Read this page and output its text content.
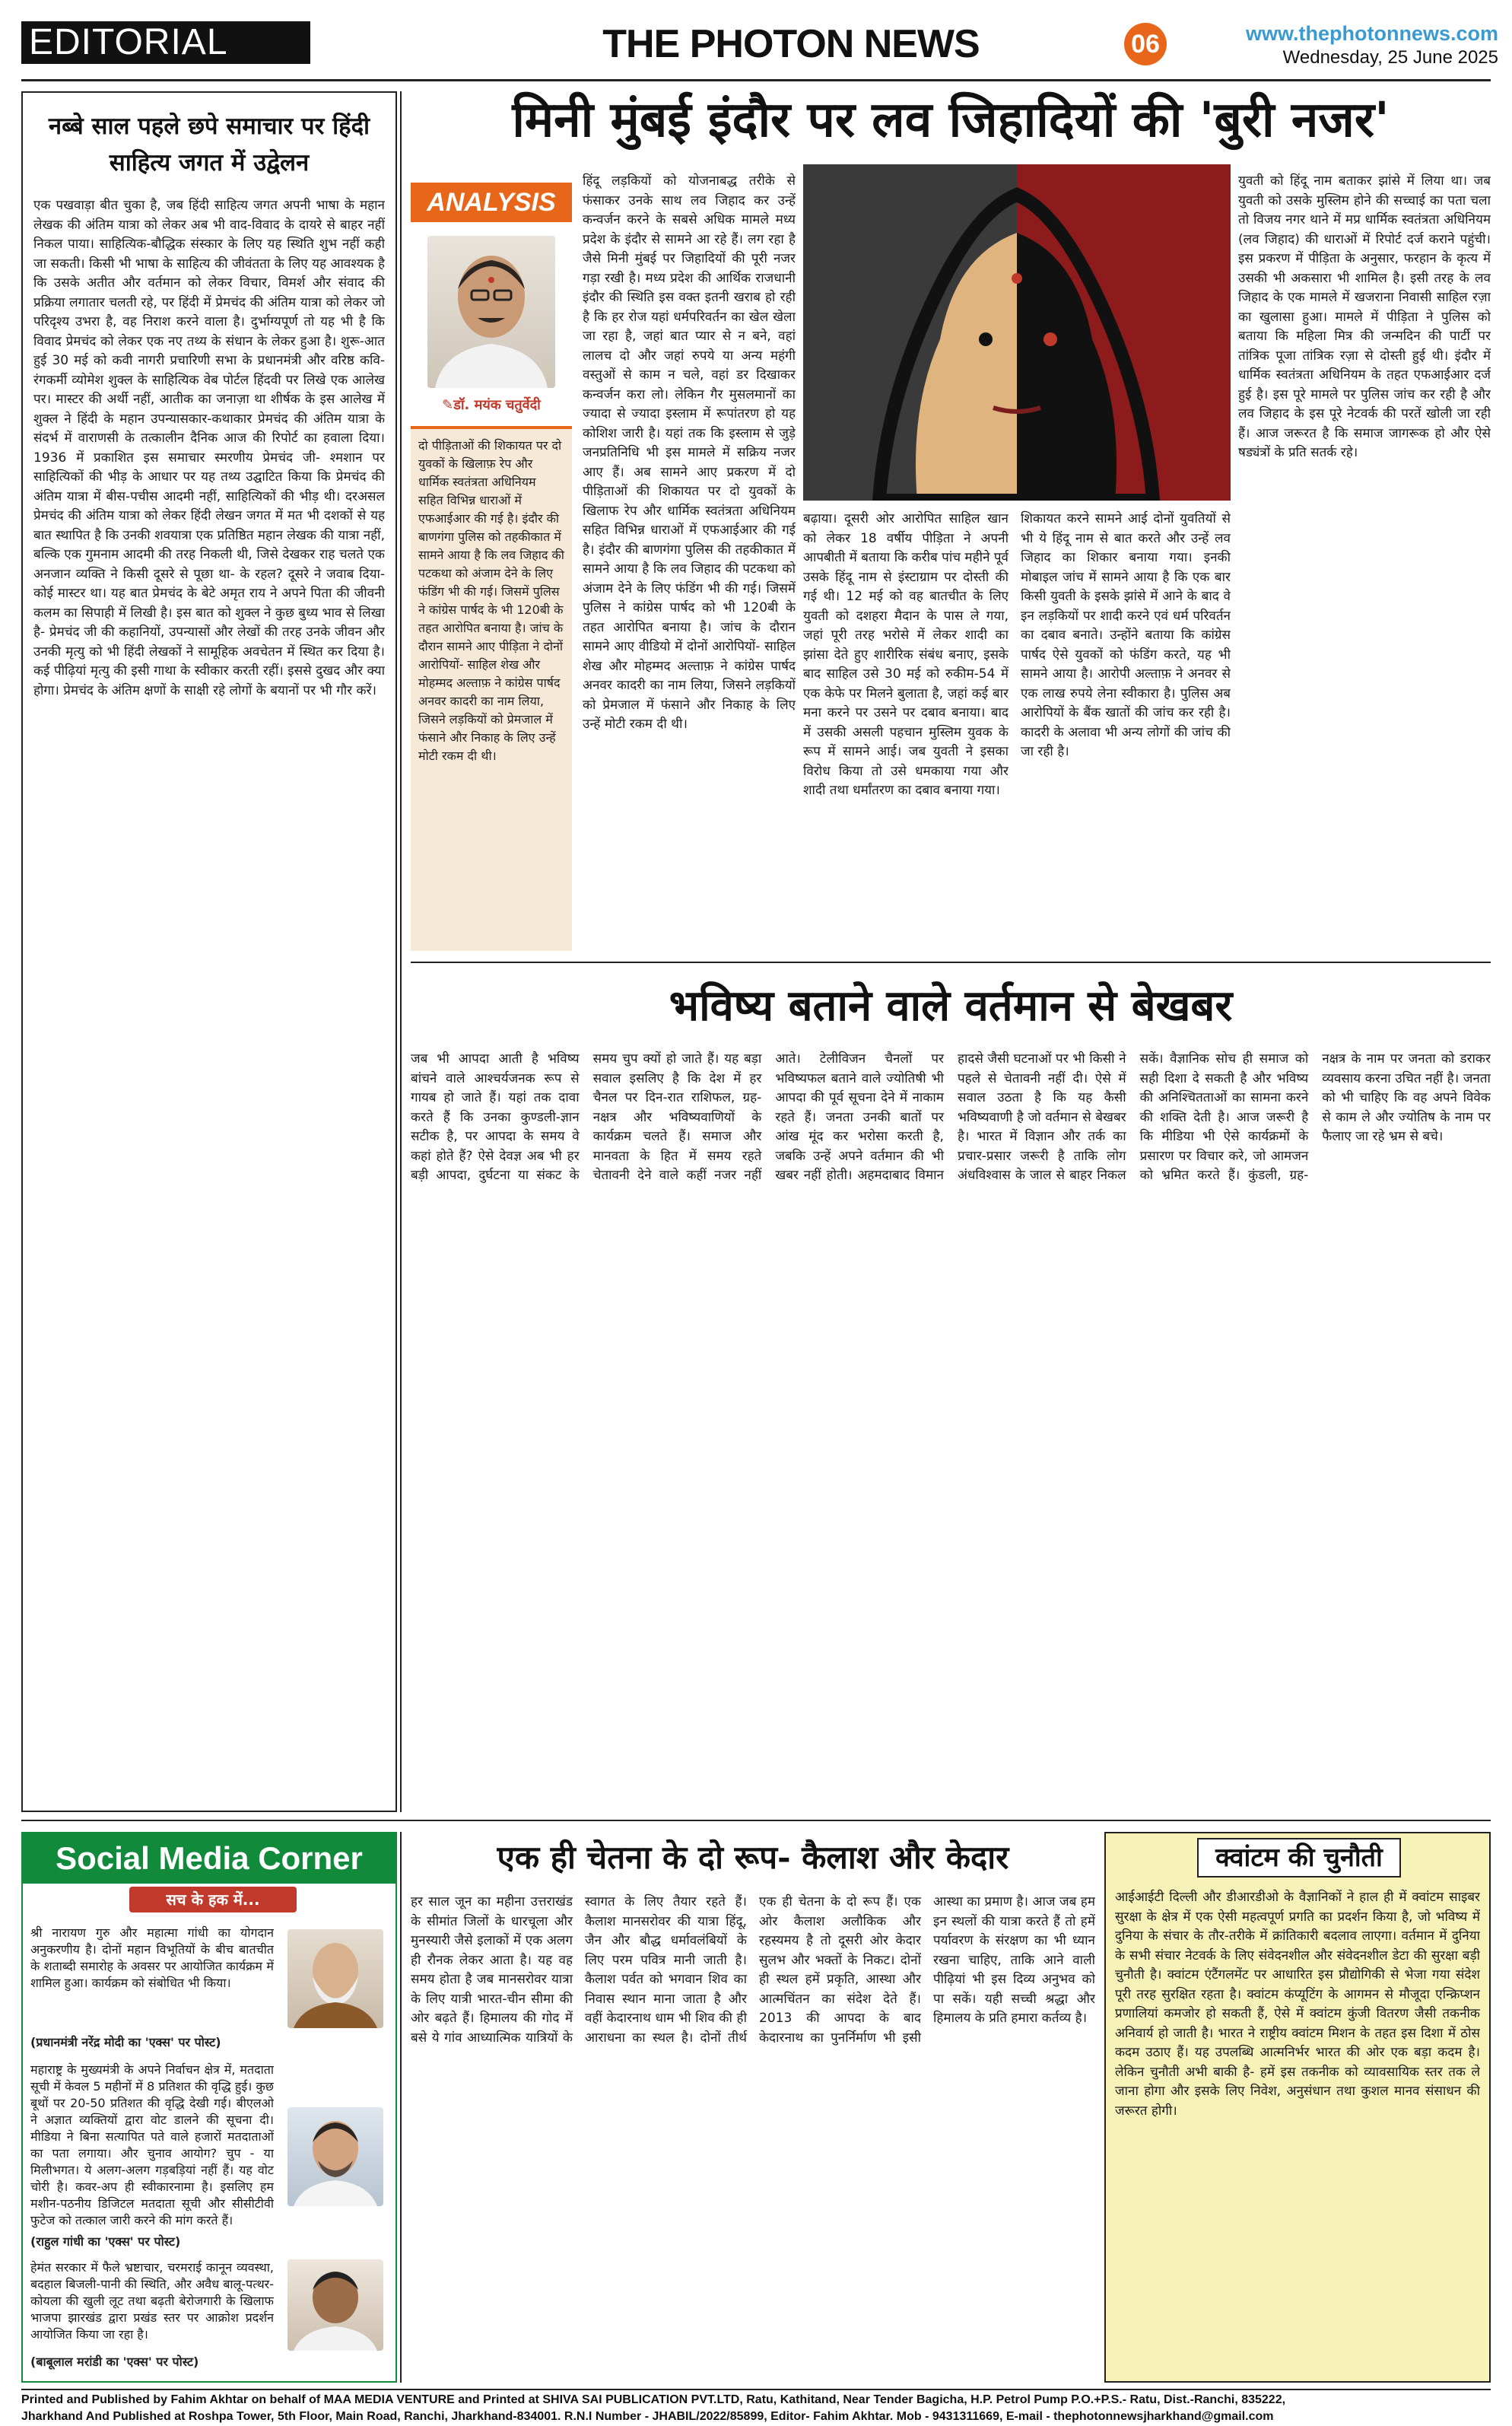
EDITORIAL	THE PHOTON NEWS	06	www.thephotonnews.com
Wednesday, 25 June 2025
नब्बे साल पहले छपे समाचार पर हिंदी साहित्य जगत में उद्वेलन
एक पखवाड़ा बीत चुका है, जब हिंदी साहित्य जगत अपनी भाषा के महान लेखक की अंतिम यात्रा को लेकर अब भी वाद-विवाद के दायरे से बाहर नहीं निकल पाया। साहित्यिक-बौद्धिक संस्कार के लिए यह स्थिति शुभ नहीं कही जा सकती। किसी भी भाषा के साहित्य की जीवंतता के लिए यह आवश्यक है कि उसके अतीत और वर्तमान को लेकर विचार, विमर्श और संवाद की प्रक्रिया लगातार चलती रहे, पर हिंदी में प्रेमचंद की अंतिम यात्रा को लेकर जो परिदृश्य उभरा है, वह निराश करने वाला है। दुर्भाग्यपूर्ण तो यह भी है कि विवाद प्रेमचंद को लेकर एक नए तथ्य के संधान के लेकर हुआ है। शुरू-आत हुई 30 मई को कवी नागरी प्रचारिणी सभा के प्रधानमंत्री और वरिष्ठ कवि-रंगकर्मी व्योमेश शुक्ल के साहित्यिक वेब पोर्टल हिंदवी पर लिखे एक आलेख पर। मास्टर की अर्थी नहीं, आतीक का जनाज़ा था शीर्षक के इस आलेख में शुक्ल ने हिंदी के महान उपन्यासकार-कथाकार प्रेमचंद की अंतिम यात्रा के संदर्भ में वाराणसी के तत्कालीन दैनिक आज की रिपोर्ट का हवाला दिया। 1936 में प्रकाशित इस समाचार स्मरणीय प्रेमचंद जी- श्मशान पर साहित्यिकों की भीड़ के आधार पर यह तथ्य उद्घाटित किया कि प्रेमचंद की अंतिम यात्रा में बीस-पचीस आदमी नहीं, साहित्यिकों की भीड़ थी। दरअसल प्रेमचंद की अंतिम यात्रा को लेकर हिंदी लेखन जगत में मत भी दशकों से यह बात स्थापित है कि उनकी शवयात्रा एक प्रतिष्ठित महान लेखक की यात्रा नहीं, बल्कि एक गुमनाम आदमी की तरह निकली थी, जिसे देखकर राह चलते एक अनजान व्यक्ति ने किसी दूसरे से पूछा था- के रहल? दूसरे ने जवाब दिया- कोई मास्टर था। यह बात प्रेमचंद के बेटे अमृत राय ने अपने पिता की जीवनी कलम का सिपाही में लिखी है। इस बात को शुक्ल ने कुछ बुध्य भाव से लिखा है- प्रेमचंद जी की कहानियों, उपन्यासों और लेखों की तरह उनके जीवन और उनकी मृत्यु को भी हिंदी लेखकों ने सामूहिक अवचेतन में स्थित कर दिया है। कई पीढ़ियां मृत्यु की इसी गाथा के स्वीकार करती रहीं। इससे दुखद और क्या होगा। प्रेमचंद के अंतिम क्षणों के साक्षी रहे लोगों के बयानों पर भी गौर करें।
मिनी मुंबई इंदौर पर लव जिहादियों की 'बुरी नजर'
ANALYSIS
✎डॉ. मयंक चतुर्वेदी
दो पीड़िताओं की शिकायत पर दो युवकों के खिलाफ़ रेप और धार्मिक स्वतंत्रता अधिनियम सहित विभिन्न धाराओं में एफआईआर की गई है। इंदौर की बाणगंगा पुलिस को तहकीकात में सामने आया है कि लव जिहाद की पटकथा को अंजाम देने के लिए फंडिंग भी की गई। जिसमें पुलिस ने कांग्रेस पार्षद के भी 120बी के तहत आरोपित बनाया है। जांच के दौरान सामने आए पीड़िता ने दोनों आरोपियों- साहिल शेख और मोहम्मद अल्ताफ़ ने कांग्रेस पार्षद अनवर कादरी का नाम लिया, जिसने लड़कियों को प्रेमजाल में फंसाने और निकाह के लिए उन्हें मोटी रकम दी थी।
हिंदू लड़कियों को योजनाबद्ध तरीके से फंसाकर उनके साथ लव जिहाद कर उन्हें कन्वर्जन करने के सबसे अधिक मामले मध्य प्रदेश के इंदौर से सामने आ रहे हैं। लग रहा है जैसे मिनी मुंबई पर जिहादियों की पूरी नजर गड़ा रखी है। मध्य प्रदेश की आर्थिक राजधानी इंदौर की स्थिति इस वक्त इतनी खराब हो रही है कि हर रोज यहां धर्मपरिवर्तन का खेल खेला जा रहा है, जहां बात प्यार से न बने, वहां लालच दो और जहां रुपये या अन्य महंगी वस्तुओं से काम न चले, वहां डर दिखाकर कन्वर्जन करा लो। लेकिन गैर मुसलमानों का ज्यादा से ज्यादा इस्लाम में रूपांतरण हो यह कोशिश जारी है। यहां तक कि इस्लाम से जुड़े जनप्रतिनिधि भी इस मामले में सक्रिय नजर आए हैं। अब सामने आए प्रकरण में दो पीड़िताओं की शिकायत पर दो युवकों के खिलाफ रेप और धार्मिक स्वतंत्रता अधिनियम सहित विभिन्न धाराओं में एफआईआर की गई है। इंदौर की बाणगंगा पुलिस की तहकीकात में सामने आया है कि लव जिहाद की पटकथा को अंजाम देने के लिए फंडिंग भी की गई। जिसमें पुलिस ने कांग्रेस पार्षद को भी 120बी के तहत आरोपित बनाया है। जांच के दौरान सामने आए वीडियो में दोनों आरोपियों- साहिल शेख और मोहम्मद अल्ताफ़ ने कांग्रेस पार्षद अनवर कादरी का नाम लिया, जिसने लड़कियों को प्रेमजाल में फंसाने और निकाह के लिए उन्हें मोटी रकम दी थी।
बढ़ाया। दूसरी ओर आरोपित साहिल खान को लेकर 18 वर्षीय पीड़िता ने अपनी आपबीती में बताया कि करीब पांच महीने पूर्व उसके हिंदू नाम से इंस्टाग्राम पर दोस्ती की गई थी। 12 मई को वह बातचीत के लिए युवती को दशहरा मैदान के पास ले गया, जहां पूरी तरह भरोसे में लेकर शादी का झांसा देते हुए शारीरिक संबंध बनाए, इसके बाद साहिल उसे 30 मई को रुकीम-54 में एक केफे पर मिलने बुलाता है, जहां कई बार मना करने पर उसने पर दबाव बनाया। बाद में उसकी असली पहचान मुस्लिम युवक के रूप में सामने आई। जब युवती ने इसका विरोध किया तो उसे धमकाया गया और शादी तथा धर्मांतरण का दबाव बनाया गया।
शिकायत करने सामने आई दोनों युवतियों से भी ये हिंदू नाम से बात करते और उन्हें लव जिहाद का शिकार बनाया गया। इनकी मोबाइल जांच में सामने आया है कि एक बार किसी युवती के इसके झांसे में आने के बाद वे इन लड़कियों पर शादी करने एवं धर्म परिवर्तन का दबाव बनाते। उन्होंने बताया कि कांग्रेस पार्षद ऐसे युवकों को फंडिंग करते, यह भी सामने आया है। आरोपी अल्ताफ़ ने अनवर से एक लाख रुपये लेना स्वीकारा है। पुलिस अब आरोपियों के बैंक खातों की जांच कर रही है। कादरी के अलावा भी अन्य लोगों की जांच की जा रही है।
युवती को हिंदू नाम बताकर झांसे में लिया था। जब युवती को उसके मुस्लिम होने की सच्चाई का पता चला तो विजय नगर थाने में मप्र धार्मिक स्वतंत्रता अधिनियम (लव जिहाद) की धाराओं में रिपोर्ट दर्ज कराने पहुंची। इस प्रकरण में पीड़िता के अनुसार, फरहान के कृत्य में उसकी भी अकसारा भी शामिल है। इसी तरह के लव जिहाद के एक मामले में खजराना निवासी साहिल रज़ा का खुलासा हुआ। मामले में पीड़िता ने पुलिस को बताया कि महिला मित्र की जन्मदिन की पार्टी पर तांत्रिक पूजा तांत्रिक रज़ा से दोस्ती हुई थी। इंदौर में धार्मिक स्वतंत्रता अधिनियम के तहत एफआईआर दर्ज हुई है। इस पूरे मामले पर पुलिस जांच कर रही है और लव जिहाद के इस पूरे नेटवर्क की परतें खोली जा रही हैं। आज जरूरत है कि समाज जागरूक हो और ऐसे षड्यंत्रों के प्रति सतर्क रहे।
भविष्य बताने वाले वर्तमान से बेखबर
जब भी आपदा आती है भविष्य बांचने वाले आश्चर्यजनक रूप से गायब हो जाते हैं। यहां तक दावा करते हैं कि उनका कुण्डली-ज्ञान सटीक है, पर आपदा के समय वे कहां होते हैं? ऐसे देवज्ञ अब भी हर बड़ी आपदा, दुर्घटना या संकट के समय चुप क्यों हो जाते हैं। यह बड़ा सवाल इसलिए है कि देश में हर चैनल पर दिन-रात राशिफल, ग्रह-नक्षत्र और भविष्यवाणियों के कार्यक्रम चलते हैं। समाज और मानवता के हित में समय रहते चेतावनी देने वाले कहीं नजर नहीं आते। टेलीविजन चैनलों पर भविष्यफल बताने वाले ज्योतिषी भी आपदा की पूर्व सूचना देने में नाकाम रहते हैं। जनता उनकी बातों पर आंख मूंद कर भरोसा करती है, जबकि उन्हें अपने वर्तमान की भी खबर नहीं होती। अहमदाबाद विमान हादसे जैसी घटनाओं पर भी किसी ने पहले से चेतावनी नहीं दी। ऐसे में सवाल उठता है कि यह कैसी भविष्यवाणी है जो वर्तमान से बेखबर है। भारत में विज्ञान और तर्क का प्रचार-प्रसार जरूरी है ताकि लोग अंधविश्वास के जाल से बाहर निकल सकें। वैज्ञानिक सोच ही समाज को सही दिशा दे सकती है और भविष्य की अनिश्चितताओं का सामना करने की शक्ति देती है। आज जरूरी है कि मीडिया भी ऐसे कार्यक्रमों के प्रसारण पर विचार करे, जो आमजन को भ्रमित करते हैं। कुंडली, ग्रह-नक्षत्र के नाम पर जनता को डराकर व्यवसाय करना उचित नहीं है। जनता को भी चाहिए कि वह अपने विवेक से काम ले और ज्योतिष के नाम पर फैलाए जा रहे भ्रम से बचे।
Social Media Corner
सच के हक में...
श्री नारायण गुरु और महात्मा गांधी का योगदान अनुकरणीय है। दोनों महान विभूतियों के बीच बातचीत के शताब्दी समारोह के अवसर पर आयोजित कार्यक्रम में शामिल हुआ। कार्यक्रम को संबोधित भी किया।
(प्रधानमंत्री नरेंद्र मोदी का 'एक्स' पर पोस्ट)
महाराष्ट्र के मुख्यमंत्री के अपने निर्वाचन क्षेत्र में, मतदाता सूची में केवल 5 महीनों में 8 प्रतिशत की वृद्धि हुई। कुछ बूथों पर 20-50 प्रतिशत की वृद्धि देखी गई। बीएलओ ने अज्ञात व्यक्तियों द्वारा वोट डालने की सूचना दी। मीडिया ने बिना सत्यापित पते वाले हजारों मतदाताओं का पता लगाया। और चुनाव आयोग? चुप - या मिलीभगत। ये अलग-अलग गड़बड़ियां नहीं हैं। यह वोट चोरी है। कवर-अप ही स्वीकारनामा है। इसलिए हम मशीन-पठनीय डिजिटल मतदाता सूची और सीसीटीवी फुटेज को तत्काल जारी करने की मांग करते हैं।
(राहुल गांधी का 'एक्स' पर पोस्ट)
हेमंत सरकार में फैले भ्रष्टाचार, चरमराई कानून व्यवस्था, बदहाल बिजली-पानी की स्थिति, और अवैध बालू-पत्थर-कोयला की खुली लूट तथा बढ़ती बेरोजगारी के खिलाफ भाजपा झारखंड द्वारा प्रखंड स्तर पर आक्रोश प्रदर्शन आयोजित किया जा रहा है।
(बाबूलाल मरांडी का 'एक्स' पर पोस्ट)
एक ही चेतना के दो रूप- कैलाश और केदार
हर साल जून का महीना उत्तराखंड के सीमांत जिलों के धारचूला और मुनस्यारी जैसे इलाकों में एक अलग ही रौनक लेकर आता है। यह वह समय होता है जब मानसरोवर यात्रा के लिए यात्री भारत-चीन सीमा की ओर बढ़ते हैं। हिमालय की गोद में बसे ये गांव आध्यात्मिक यात्रियों के स्वागत के लिए तैयार रहते हैं। कैलाश मानसरोवर की यात्रा हिंदू, जैन और बौद्ध धर्मावलंबियों के लिए परम पवित्र मानी जाती है। कैलाश पर्वत को भगवान शिव का निवास स्थान माना जाता है और वहीं केदारनाथ धाम भी शिव की ही आराधना का स्थल है। दोनों तीर्थ एक ही चेतना के दो रूप हैं। एक ओर कैलाश अलौकिक और रहस्यमय है तो दूसरी ओर केदार सुलभ और भक्तों के निकट। दोनों ही स्थल हमें प्रकृति, आस्था और आत्मचिंतन का संदेश देते हैं। 2013 की आपदा के बाद केदारनाथ का पुनर्निर्माण भी इसी आस्था का प्रमाण है। आज जब हम इन स्थलों की यात्रा करते हैं तो हमें पर्यावरण के संरक्षण का भी ध्यान रखना चाहिए, ताकि आने वाली पीढ़ियां भी इस दिव्य अनुभव को पा सकें। यही सच्ची श्रद्धा और हिमालय के प्रति हमारा कर्तव्य है।
क्वांटम की चुनौती
आईआईटी दिल्ली और डीआरडीओ के वैज्ञानिकों ने हाल ही में क्वांटम साइबर सुरक्षा के क्षेत्र में एक ऐसी महत्वपूर्ण प्रगति का प्रदर्शन किया है, जो भविष्य में दुनिया के संचार के तौर-तरीके में क्रांतिकारी बदलाव लाएगा। वर्तमान में दुनिया के सभी संचार नेटवर्क के लिए संवेदनशील और संवेदनशील डेटा की सुरक्षा बड़ी चुनौती है। क्वांटम एंटैंगलमेंट पर आधारित इस प्रौद्योगिकी से भेजा गया संदेश पूरी तरह सुरक्षित रहता है। क्वांटम कंप्यूटिंग के आगमन से मौजूदा एन्क्रिप्शन प्रणालियां कमजोर हो सकती हैं, ऐसे में क्वांटम कुंजी वितरण जैसी तकनीक अनिवार्य हो जाती है। भारत ने राष्ट्रीय क्वांटम मिशन के तहत इस दिशा में ठोस कदम उठाए हैं। यह उपलब्धि आत्मनिर्भर भारत की ओर एक बड़ा कदम है। लेकिन चुनौती अभी बाकी है- हमें इस तकनीक को व्यावसायिक स्तर तक ले जाना होगा और इसके लिए निवेश, अनुसंधान तथा कुशल मानव संसाधन की जरूरत होगी।
Printed and Published by Fahim Akhtar on behalf of MAA MEDIA VENTURE and Printed at SHIVA SAI PUBLICATION PVT.LTD, Ratu, Kathitand, Near Tender Bagicha, H.P. Petrol Pump P.O.+P.S.- Ratu, Dist.-Ranchi, 835222,
Jharkhand And Published at Roshpa Tower, 5th Floor, Main Road, Ranchi, Jharkhand-834001. R.N.I Number - JHABIL/2022/85899, Editor- Fahim Akhtar. Mob - 9431311669, E-mail - thephotonnewsjharkhand@gmail.com
